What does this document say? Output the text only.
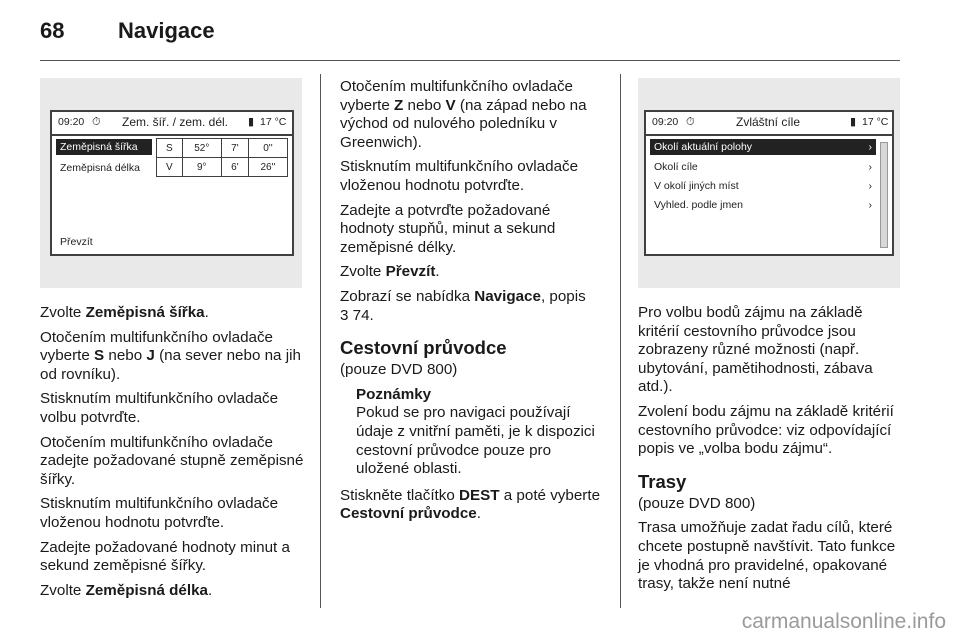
68 Navigace
09:20 ⏱ Zem. šíř. / zem. dél. ▮ 17 °C
Zeměpisná šířka
Zeměpisná délka
Převzít
S	52°	7'	0''
V	9°	6'	26''
09:20 ⏱	Zvláštní cíle	▮ 17 °C
Okolí aktuální polohy	›
Okolí cíle	›
V okolí jiných míst	›
Vyhled. podle jmen	›

Zvolte Zeměpisná šířka.

Otočením multifunkčního ovladače vyberte S nebo J (na sever nebo na jih od rovníku).

Stisknutím multifunkčního ovladače volbu potvrďte.

Otočením multifunkčního ovladače zadejte požadované stupně zeměpisné šířky.

Stisknutím multifunkčního ovladače vloženou hodnotu potvrďte.

Zadejte požadované hodnoty minut a sekund zeměpisné šířky.

Zvolte Zeměpisná délka.

Otočením multifunkčního ovladače vyberte Z nebo V (na západ nebo na východ od nulového poledníku v Greenwich).

Stisknutím multifunkčního ovladače vloženou hodnotu potvrďte.

Zadejte a potvrďte požadované hodnoty stupňů, minut a sekund zeměpisné délky.

Zvolte Převzít.

Zobrazí se nabídka Navigace, popis
3 74.

Cestovní průvodce

(pouze DVD 800)

Poznámky
Pokud se pro navigaci používají údaje z vnitřní paměti, je k dispozici cestovní průvodce pouze pro uložené oblasti.

Stiskněte tlačítko DEST a poté vyberte Cestovní průvodce.

Pro volbu bodů zájmu na základě kritérií cestovního průvodce jsou zobrazeny různé možnosti (např. ubytování, pamětihodnosti, zábava atd.).

Zvolení bodu zájmu na základě kritérií cestovního průvodce: viz odpovídající popis ve „volba bodu zájmu“.

Trasy

(pouze DVD 800)

Trasa umožňuje zadat řadu cílů, které chcete postupně navštívit. Tato funkce je vhodná pro pravidelné, opakované trasy, takže není nutné

carmanualsonline.info
